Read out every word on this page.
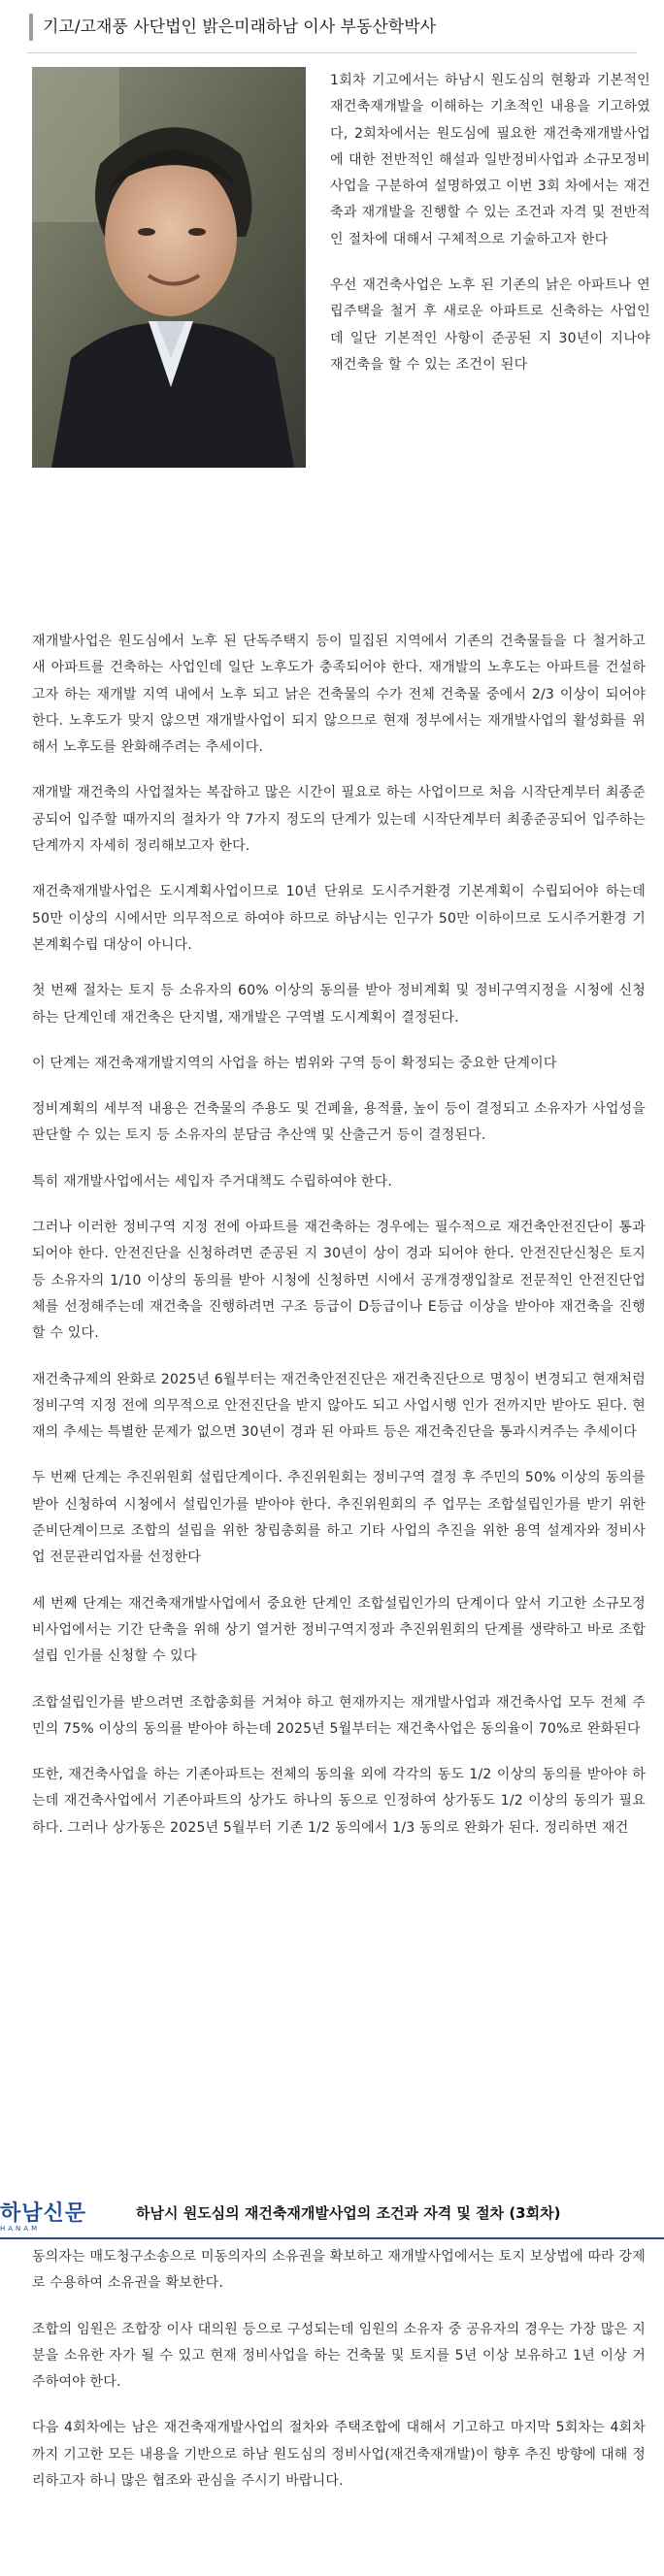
기고/고재풍 사단법인 밝은미래하남 이사 부동산학박사

1회차 기고에서는 하남시 원도심의 현황과 기본적인 재건축재개발을 이해하는 기초적인 내용을 기고하였다, 2회차에서는 원도심에 필요한 재건축재개발사업에 대한 전반적인 해설과 일반정비사업과 소규모정비사업을 구분하여 설명하였고 이번 3회 차에서는 재건축과 재개발을 진행할 수 있는 조건과 자격 및 전반적인 절차에 대해서 구체적으로 기술하고자 한다

우선 재건축사업은 노후 된 기존의 낡은 아파트나 연립주택을 철거 후 새로운 아파트로 신축하는 사업인데 일단 기본적인 사항이 준공된 지 30년이 지나야 재건축을 할 수 있는 조건이 된다

재개발사업은 원도심에서 노후 된 단독주택지 등이 밀집된 지역에서 기존의 건축물들을 다 철거하고 새 아파트를 건축하는 사업인데 일단 노후도가 충족되어야 한다. 재개발의 노후도는 아파트를 건설하고자 하는 재개발 지역 내에서 노후 되고 낡은 건축물의 수가 전체 건축물 중에서 2/3 이상이 되어야 한다. 노후도가 맞지 않으면 재개발사업이 되지 않으므로 현재 정부에서는 재개발사업의 활성화를 위해서 노후도를 완화해주려는 추세이다.

재개발 재건축의 사업절차는 복잡하고 많은 시간이 필요로 하는 사업이므로 처음 시작단계부터 최종준공되어 입주할 때까지의 절차가 약 7가지 정도의 단계가 있는데 시작단계부터 최종준공되어 입주하는 단계까지 자세히 정리해보고자 한다.

재건축재개발사업은 도시계획사업이므로 10년 단위로 도시주거환경 기본계획이 수립되어야 하는데 50만 이상의 시에서만 의무적으로 하여야 하므로 하남시는 인구가 50만 이하이므로 도시주거환경 기본계획수립 대상이 아니다.

첫 번째 절차는 토지 등 소유자의 60% 이상의 동의를 받아 정비계획 및 정비구역지정을 시청에 신청하는 단계인데 재건축은 단지별, 재개발은 구역별 도시계획이 결정된다.

이 단계는 재건축재개발지역의 사업을 하는 범위와 구역 등이 확정되는 중요한 단계이다

정비계획의 세부적 내용은 건축물의 주용도 및 건폐율, 용적률, 높이 등이 결정되고 소유자가 사업성을 판단할 수 있는 토지 등 소유자의 분담금 추산액 및 산출근거 등이 결정된다.

특히 재개발사업에서는 세입자 주거대책도 수립하여야 한다.

그러나 이러한 정비구역 지정 전에 아파트를 재건축하는 경우에는 필수적으로 재건축안전진단이 통과되어야 한다. 안전진단을 신청하려면 준공된 지 30년이 상이 경과 되어야 한다. 안전진단신청은 토지 등 소유자의 1/10 이상의 동의를 받아 시청에 신청하면 시에서 공개경쟁입찰로 전문적인 안전진단업체를 선정해주는데 재건축을 진행하려면 구조 등급이 D등급이나 E등급 이상을 받아야 재건축을 진행할 수 있다.

재건축규제의 완화로 2025년 6월부터는 재건축안전진단은 재건축진단으로 명칭이 변경되고 현재처럼 정비구역 지정 전에 의무적으로 안전진단을 받지 않아도 되고 사업시행 인가 전까지만 받아도 된다. 현재의 추세는 특별한 문제가 없으면 30년이 경과 된 아파트 등은 재건축진단을 통과시켜주는 추세이다

두 번째 단계는 추진위원회 설립단계이다. 추진위원회는 정비구역 결정 후 주민의 50% 이상의 동의를 받아 신청하여 시청에서 설립인가를 받아야 한다. 추진위원회의 주 업무는 조합설립인가를 받기 위한 준비단계이므로 조합의 설립을 위한 창립총회를 하고 기타 사업의 추진을 위한 용역 설계자와 정비사업 전문관리업자를 선정한다

세 번째 단계는 재건축재개발사업에서 중요한 단계인 조합설립인가의 단계이다 앞서 기고한 소규모정비사업에서는 기간 단축을 위해 상기 열거한 정비구역지정과 추진위원회의 단계를 생략하고 바로 조합설립 인가를 신청할 수 있다

조합설립인가를 받으려면 조합총회를 거쳐야 하고 현재까지는 재개발사업과 재건축사업 모두 전체 주민의 75% 이상의 동의를 받아야 하는데 2025년 5월부터는 재건축사업은 동의율이 70%로 완화된다

또한, 재건축사업을 하는 기존아파트는 전체의 동의율 외에 각각의 동도 1/2 이상의 동의를 받아야 하는데 재건축사업에서 기존아파트의 상가도 하나의 동으로 인정하여 상가동도 1/2 이상의 동의가 필요하다. 그러나 상가동은 2025년 5월부터 기존 1/2 동의에서 1/3 동의로 완화가 된다. 정리하면 재건

하남신문
HANAM
하남시 원도심의 재건축재개발사업의 조건과 자격 및 절차 (3회차)

동의자는 매도청구소송으로 미동의자의 소유권을 확보하고 재개발사업에서는 토지 보상법에 따라 강제로 수용하여 소유권을 확보한다.

조합의 임원은 조합장 이사 대의원 등으로 구성되는데 임원의 소유자 중 공유자의 경우는 가장 많은 지분을 소유한 자가 될 수 있고 현재 정비사업을 하는 건축물 및 토지를 5년 이상 보유하고 1년 이상 거주하여야 한다.

다음 4회차에는 남은 재건축재개발사업의 절차와 주택조합에 대해서 기고하고 마지막 5회차는 4회차까지 기고한 모든 내용을 기반으로 하남 원도심의 정비사업(재건축재개발)이 향후 추진 방향에 대해 정리하고자 하니 많은 협조와 관심을 주시기 바랍니다.
